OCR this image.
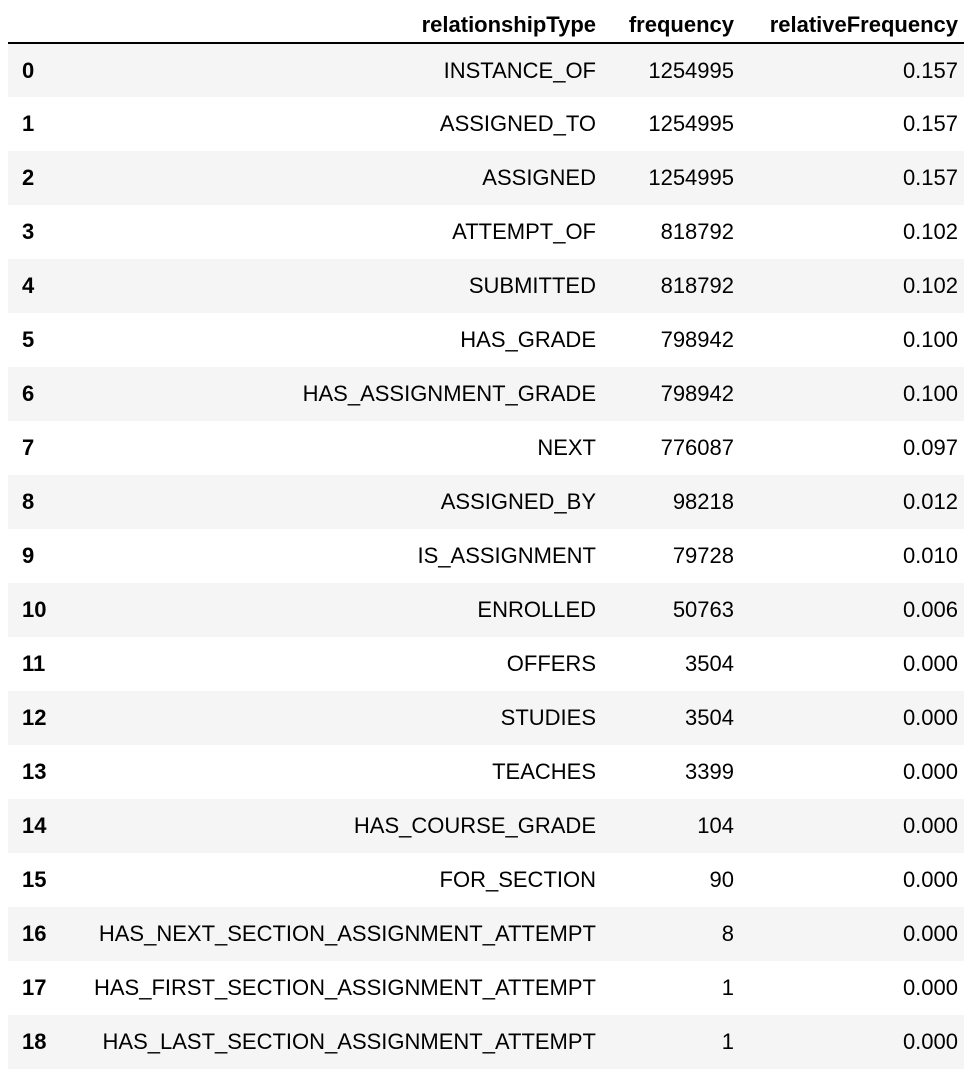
	relationshipType	frequency	relativeFrequency
0	INSTANCE_OF	1254995	0.157
1	ASSIGNED_TO	1254995	0.157
2	ASSIGNED	1254995	0.157
3	ATTEMPT_OF	818792	0.102
4	SUBMITTED	818792	0.102
5	HAS_GRADE	798942	0.100
6	HAS_ASSIGNMENT_GRADE	798942	0.100
7	NEXT	776087	0.097
8	ASSIGNED_BY	98218	0.012
9	IS_ASSIGNMENT	79728	0.010
10	ENROLLED	50763	0.006
11	OFFERS	3504	0.000
12	STUDIES	3504	0.000
13	TEACHES	3399	0.000
14	HAS_COURSE_GRADE	104	0.000
15	FOR_SECTION	90	0.000
16	HAS_NEXT_SECTION_ASSIGNMENT_ATTEMPT	8	0.000
17	HAS_FIRST_SECTION_ASSIGNMENT_ATTEMPT	1	0.000
18	HAS_LAST_SECTION_ASSIGNMENT_ATTEMPT	1	0.000
